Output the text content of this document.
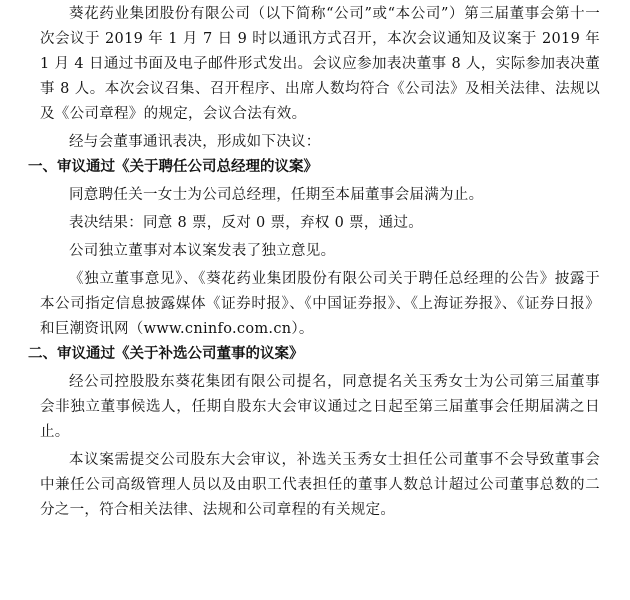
葵花药业集团股份有限公司（以下简称“公司”或“本公司”）第三届董事会第十一次会议于 2019 年 1 月 7 日 9 时以通讯方式召开，本次会议通知及议案于 2019 年 1 月 4 日通过书面及电子邮件形式发出。会议应参加表决董事 8 人，实际参加表决董事 8 人。本次会议召集、召开程序、出席人数均符合《公司法》及相关法律、法规以及《公司章程》的规定，会议合法有效。

经与会董事通讯表决，形成如下决议：

一、审议通过《关于聘任公司总经理的议案》

同意聘任关一女士为公司总经理，任期至本届董事会届满为止。

表决结果：同意 8 票，反对 0 票，弃权 0 票，通过。

公司独立董事对本议案发表了独立意见。

《独立董事意见》、《葵花药业集团股份有限公司关于聘任总经理的公告》披露于本公司指定信息披露媒体《证券时报》、《中国证券报》、《上海证券报》、《证券日报》和巨潮资讯网（www.cninfo.com.cn）。

二、审议通过《关于补选公司董事的议案》

经公司控股股东葵花集团有限公司提名，同意提名关玉秀女士为公司第三届董事会非独立董事候选人，任期自股东大会审议通过之日起至第三届董事会任期届满之日止。

本议案需提交公司股东大会审议，补选关玉秀女士担任公司董事不会导致董事会中兼任公司高级管理人员以及由职工代表担任的董事人数总计超过公司董事总数的二分之一，符合相关法律、法规和公司章程的有关规定。
